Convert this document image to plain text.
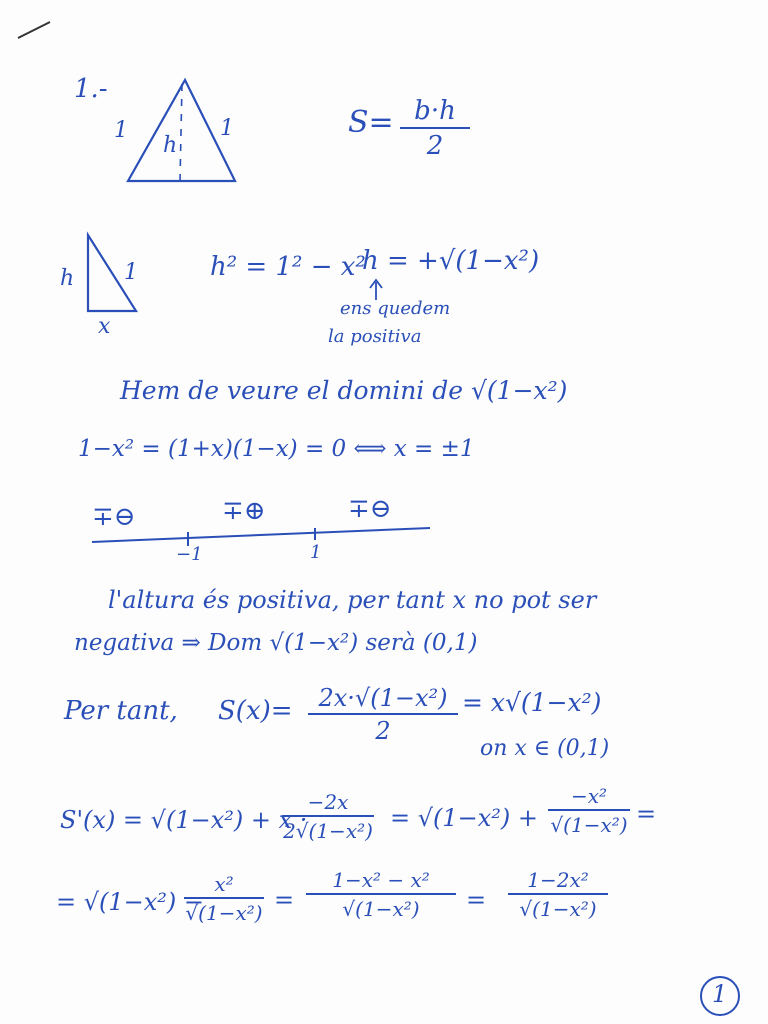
1.-
1	1
h
$S= \frac{b\cdot h}{2}$
h 1
x
h² = 1² − x²
h = +√(1−x²)
ens quedem
la positiva
Hem de veure el domini de √(1−x²)
1−x² = (1+x)(1−x) = 0 ⟺ x = ±1
∓⊖	∓⊕	∓⊖
−1	1
l'altura és positiva, per tant x no pot ser
negativa ⇒ Dom √(1−x²) serà (0,1)
Per tant, $S(x)= \frac{\text{2x·√(1−x²)}}{2} = x√(1-x^2)$
on x ∈ (0,1)
S'(x) = √(1−x²) + x ·
$\frac{-2x}{\text{2√(1−x²)}} = √(1-x^2) + \frac{\text{−x²}}{\text{√(1−x²)}}$ =
= √(1−x²) −
$\frac{\text{x²}}{\text{√(1−x²)}} = \frac{\text{1−x² − x²}}{\text{√(1−x²)}} = \frac{\text{1−2x²}}{\text{√(1−x²)}}$
1
